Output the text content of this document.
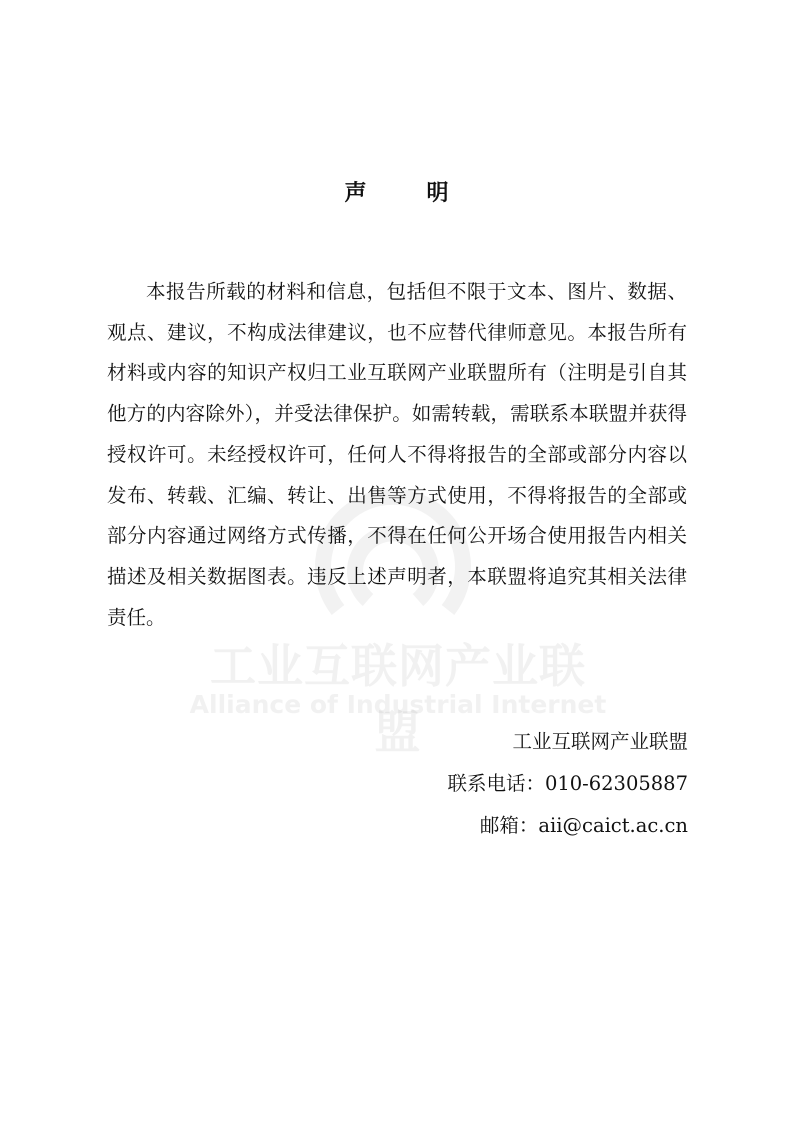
工业互联网产业联盟
Alliance of Industrial Internet
声	明

本报告所载的材料和信息，包括但不限于文本、图片、数据、观点、建议，不构成法律建议，也不应替代律师意见。本报告所有材料或内容的知识产权归工业互联网产业联盟所有（注明是引自其他方的内容除外），并受法律保护。如需转载，需联系本联盟并获得授权许可。未经授权许可，任何人不得将报告的全部或部分内容以发布、转载、汇编、转让、出售等方式使用，不得将报告的全部或部分内容通过网络方式传播，不得在任何公开场合使用报告内相关描述及相关数据图表。违反上述声明者，本联盟将追究其相关法律责任。

工业互联网产业联盟
联系电话：010-62305887
邮箱：aii@caict.ac.cn
